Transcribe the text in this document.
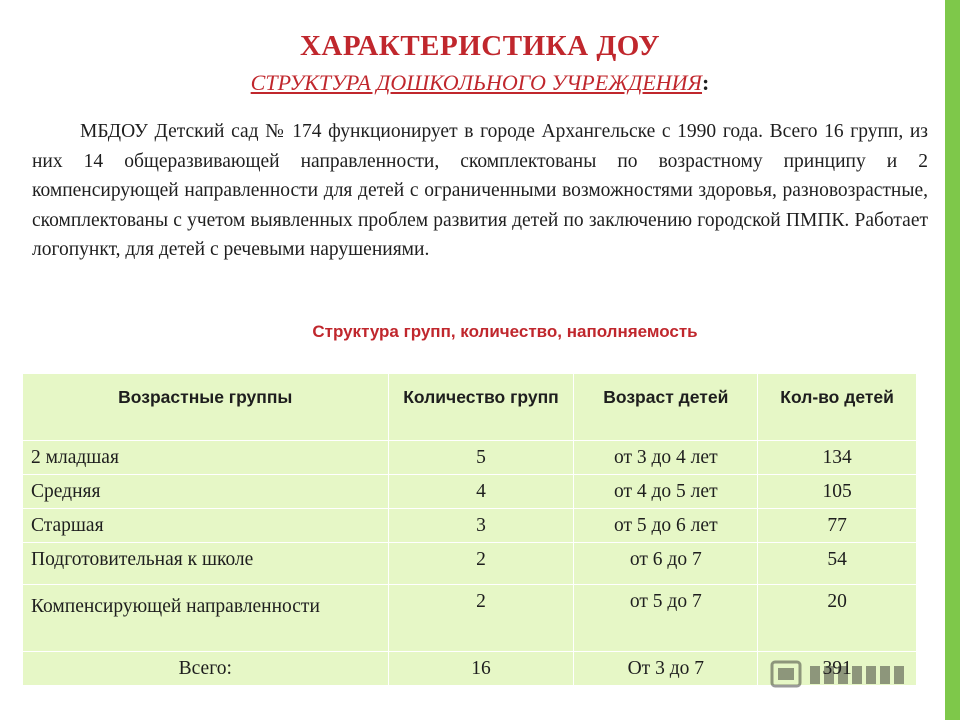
ХАРАКТЕРИСТИКА ДОУ
СТРУКТУРА ДОШКОЛЬНОГО УЧРЕЖДЕНИЯ:

МБДОУ Детский сад № 174 функционирует в городе Архангельске с 1990 года. Всего 16 групп, из них 14 общеразвивающей направленности, скомплектованы по возрастному принципу и 2 компенсирующей направленности для детей с ограниченными возможностями здоровья, разновозрастные, скомплектованы с учетом выявленных проблем развития детей по заключению городской ПМПК. Работает логопункт, для детей с речевыми нарушениями.

Структура групп, количество, наполняемость
Возрастные группы	Количество групп	Возраст детей	Кол-во детей
2 младшая	5	от 3 до 4 лет	134
Средняя	4	от 4 до 5 лет	105
Старшая	3	от 5 до 6 лет	77
Подготовительная к школе	2	от 6 до 7	54
Компенсирующей направленности	2	от 5 до 7	20
Всего:	16	От 3 до 7	391
